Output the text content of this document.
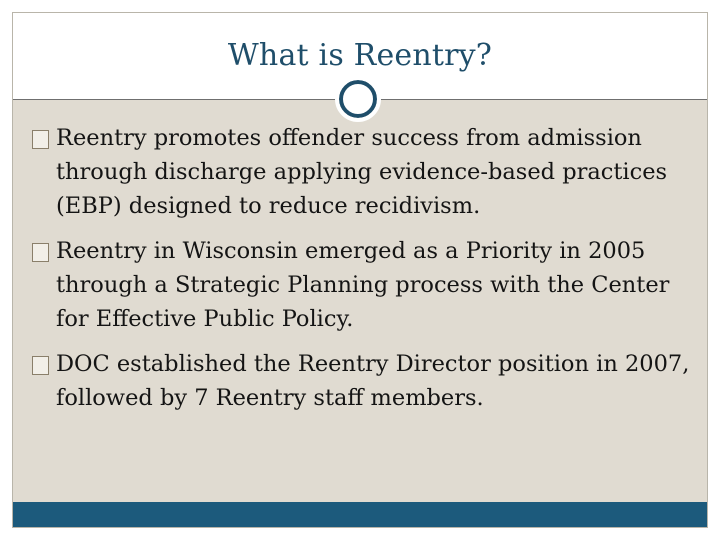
What is Reentry?
Reentry promotes offender success from admission through discharge applying evidence-based practices (EBP) designed to reduce recidivism.
Reentry in Wisconsin emerged as a Priority in 2005 through a Strategic Planning process with the Center for Effective Public Policy.
DOC established the Reentry Director position in 2007, followed by 7 Reentry staff members.
